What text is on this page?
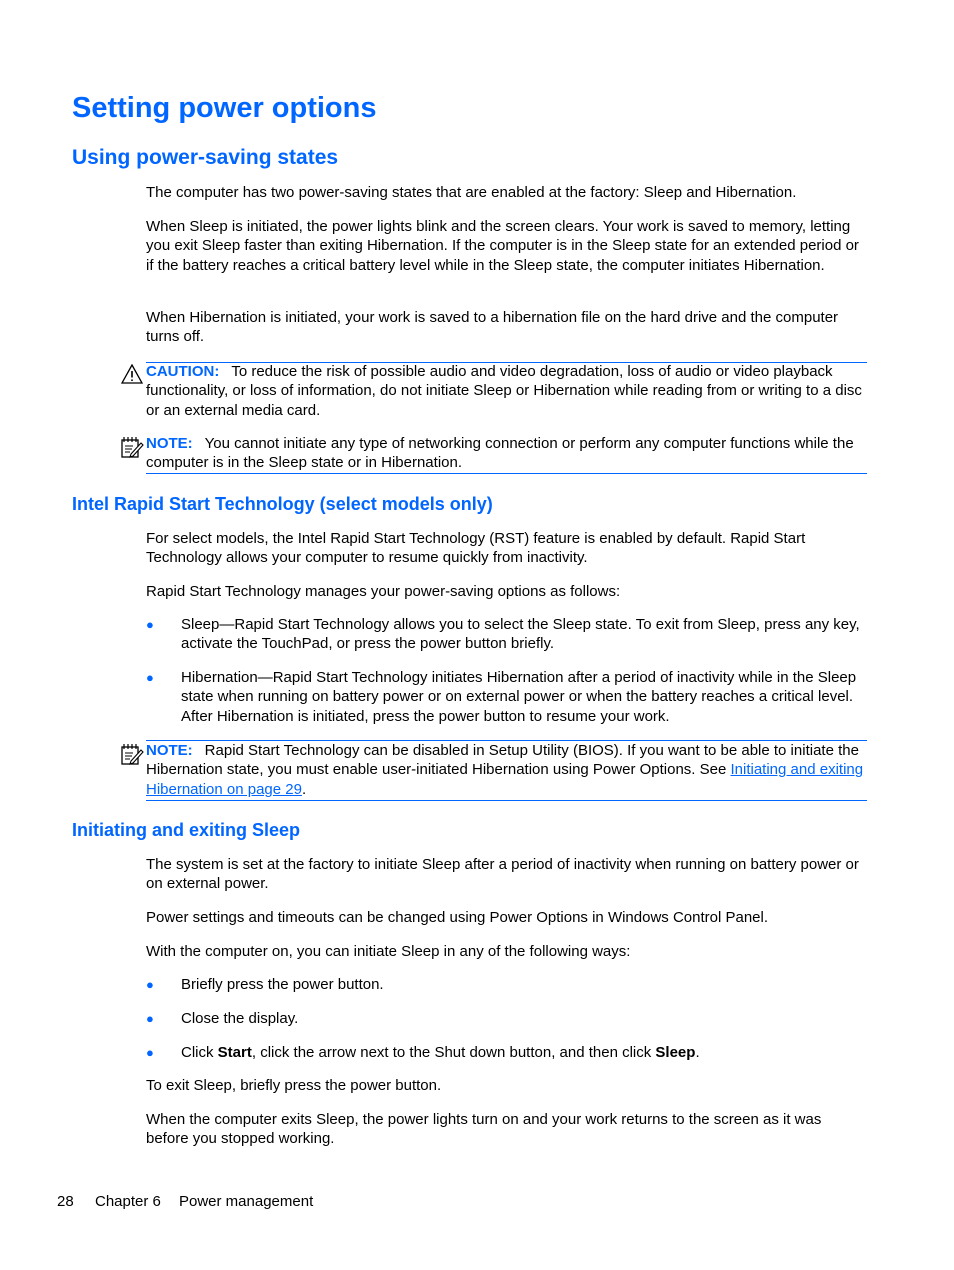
Setting power options
Using power-saving states

The computer has two power-saving states that are enabled at the factory: Sleep and Hibernation.

When Sleep is initiated, the power lights blink and the screen clears. Your work is saved to memory, letting you exit Sleep faster than exiting Hibernation. If the computer is in the Sleep state for an extended period or if the battery reaches a critical battery level while in the Sleep state, the computer initiates Hibernation.

When Hibernation is initiated, your work is saved to a hibernation file on the hard drive and the computer turns off.

CAUTION: To reduce the risk of possible audio and video degradation, loss of audio or video playback functionality, or loss of information, do not initiate Sleep or Hibernation while reading from or writing to a disc or an external media card.

NOTE: You cannot initiate any type of networking connection or perform any computer functions while the computer is in the Sleep state or in Hibernation.

Intel Rapid Start Technology (select models only)

For select models, the Intel Rapid Start Technology (RST) feature is enabled by default. Rapid Start Technology allows your computer to resume quickly from inactivity.

Rapid Start Technology manages your power-saving options as follows:

● Sleep—Rapid Start Technology allows you to select the Sleep state. To exit from Sleep, press any key, activate the TouchPad, or press the power button briefly.

● Hibernation—Rapid Start Technology initiates Hibernation after a period of inactivity while in the Sleep state when running on battery power or on external power or when the battery reaches a critical level. After Hibernation is initiated, press the power button to resume your work.

NOTE: Rapid Start Technology can be disabled in Setup Utility (BIOS). If you want to be able to initiate the Hibernation state, you must enable user-initiated Hibernation using Power Options. See Initiating and exiting Hibernation on page 29.

Initiating and exiting Sleep

The system is set at the factory to initiate Sleep after a period of inactivity when running on battery power or on external power.

Power settings and timeouts can be changed using Power Options in Windows Control Panel.

With the computer on, you can initiate Sleep in any of the following ways:

● Briefly press the power button.

● Close the display.

● Click Start, click the arrow next to the Shut down button, and then click Sleep.

To exit Sleep, briefly press the power button.

When the computer exits Sleep, the power lights turn on and your work returns to the screen as it was before you stopped working.

28 Chapter 6 Power management
